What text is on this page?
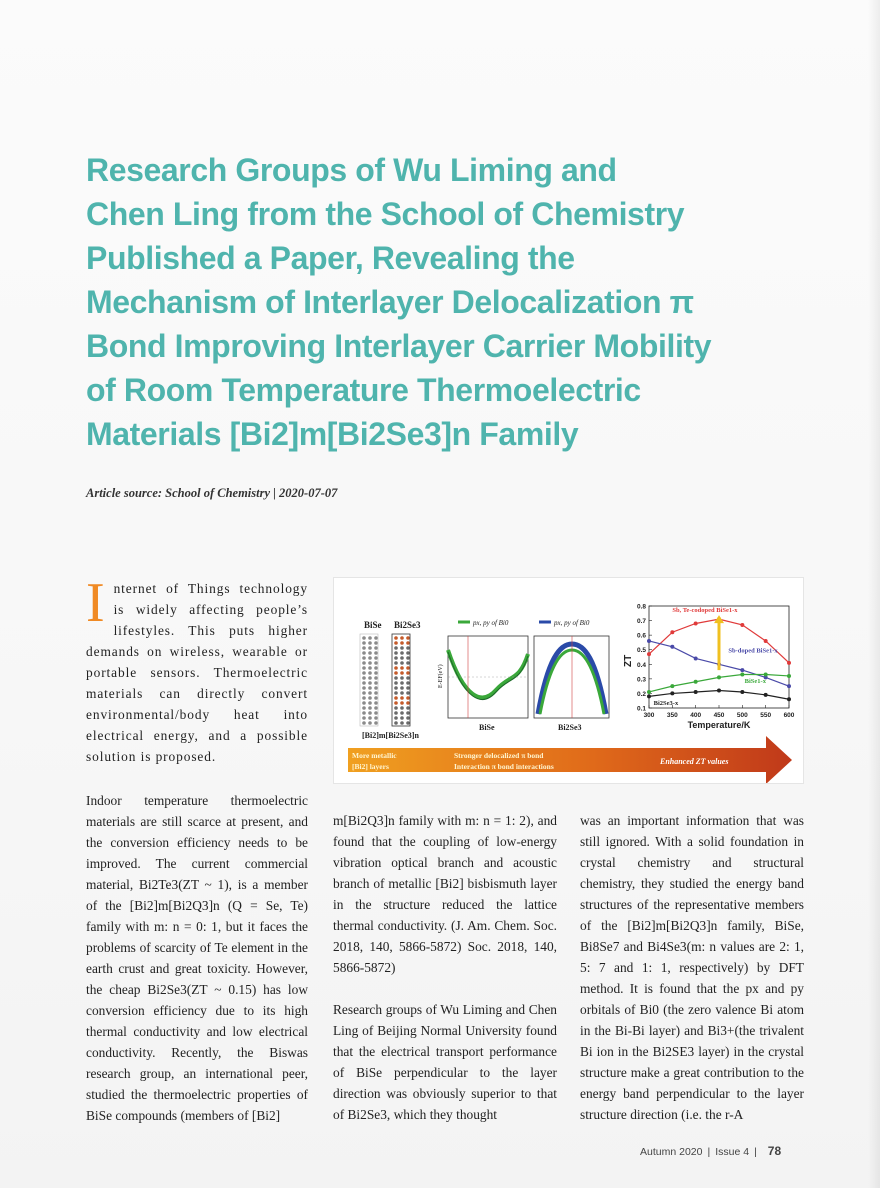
Research Groups of Wu Liming and
Chen Ling from the School of Chemistry
Published a Paper, Revealing the
Mechanism of Interlayer Delocalization π
Bond Improving Interlayer Carrier Mobility
of Room Temperature Thermoelectric
Materials [Bi2]m[Bi2Se3]n Family
Article source: School of Chemistry | 2020-07-07

Internet of Things technology is widely affecting people’s lifestyles. This puts higher demands on wireless, wearable or portable sensors. Thermoelectric materials can directly convert environmental/body heat into electrical energy, and a possible solution is proposed.

Indoor temperature thermoelectric materials are still scarce at present, and the conversion efficiency needs to be improved. The current commercial material, Bi2Te3(ZT ~ 1), is a member of the [Bi2]m[Bi2Q3]n (Q = Se, Te) family with m: n = 0: 1, but it faces the problems of scarcity of Te element in the earth crust and great toxicity. However, the cheap Bi2Se3(ZT ~ 0.15) has low conversion efficiency due to its high thermal conductivity and low electrical conductivity. Recently, the Biswas research group, an international peer, studied the thermoelectric properties of BiSe compounds (members of [Bi2]

m[Bi2Q3]n family with m: n = 1: 2), and found that the coupling of low-energy vibration optical branch and acoustic branch of metallic [Bi2] bisbismuth layer in the structure reduced the lattice thermal conductivity. (J. Am. Chem. Soc. 2018, 140, 5866-5872) Soc. 2018, 140, 5866-5872)

Research groups of Wu Liming and Chen Ling of Beijing Normal University found that the electrical transport performance of BiSe perpendicular to the layer direction was obviously superior to that of Bi2Se3, which they thought

was an important information that was still ignored. With a solid foundation in crystal chemistry and structural chemistry, they studied the energy band structures of the representative members of the [Bi2]m[Bi2Q3]n family, BiSe, Bi8Se7 and Bi4Se3(m: n values are 2: 1, 5: 7 and 1: 1, respectively) by DFT method. It is found that the px and py orbitals of Bi0 (the zero valence Bi atom in the Bi-Bi layer) and Bi3+(the trivalent Bi ion in the Bi2SE3 layer) in the crystal structure make a great contribution to the energy band perpendicular to the layer structure direction (i.e. the r-A

BiSe Bi2Se3
[Bi2]m[Bi2Se3]n
px, py of Bi0
E-EF(eV)
BiSe
px, py of Bi0
Bi2Se3
0.1
0.2
0.3
0.4
0.5
0.6
0.7
0.8
300 350 400 450 500 550 600
Sb, Te-codoped BiSe1-x
Sb-doped BiSe1-x
BiSe1-x
Bi2Se3-x
ZT
Temperature/K
More metallic
[Bi2] layers
Stronger delocalized π bond
Interaction π bond interactions
Enhanced ZT values
Autumn 2020 | Issue 4 | 78
